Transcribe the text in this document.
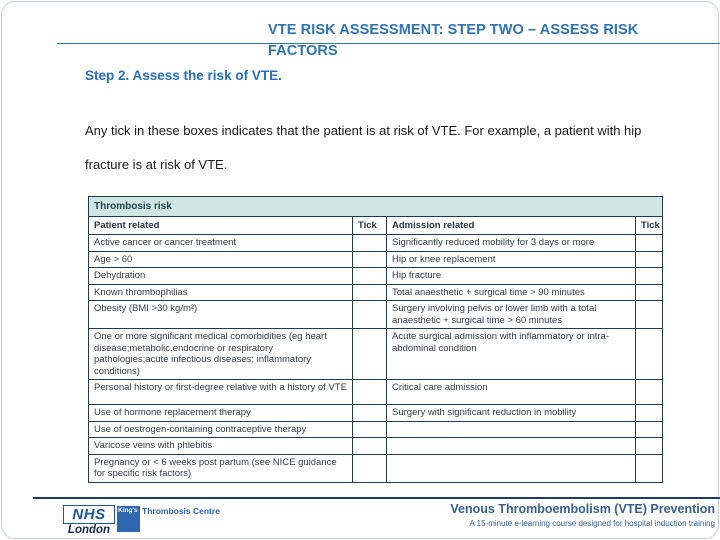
VTE RISK ASSESSMENT: STEP TWO – ASSESS RISK
FACTORS
Step 2. Assess the risk of VTE.
Any tick in these boxes indicates that the patient is at risk of VTE. For example, a patient with hip fracture is at risk of VTE.
Thrombosis risk			
Patient related	Tick	Admission related	Tick
Active cancer or cancer treatment		Significantly reduced mobility for 3 days or more	
Age > 60		Hip or knee replacement	
Dehydration		Hip fracture	
Known thrombophilias		Total anaesthetic + surgical time > 90 minutes	
Obesity (BMI >30 kg/m²)		Surgery involving pelvis or lower limb with a total anaesthetic + surgical time > 60 minutes	
One or more significant medical comorbidities (eg heart disease;metabolic,endocrine or respiratory pathologies;acute infectious diseases; inflammatory conditions)		Acute surgical admission with inflammatory or intra-abdominal condition	
Personal history or first-degree relative with a history of VTE		Critical care admission	
Use of hormone replacement therapy		Surgery with significant reduction in mobility	
Use of oestrogen-containing contraceptive therapy			
Varicose veins with phlebitis			
Pregnancy or < 6 weeks post partum (see NICE guidance for specific risk factors)			
NHS
London
King's Thrombosis Centre	Venous Thromboembolism (VTE) Prevention
A 15-minute e-learning course designed for hospital induction training
